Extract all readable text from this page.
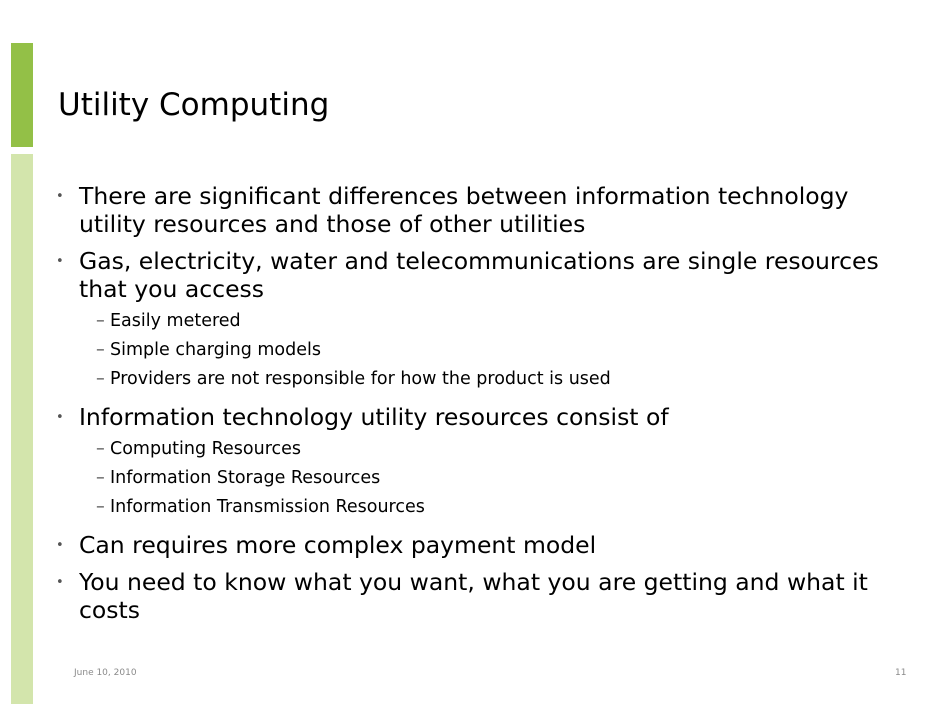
Utility Computing
• There are significant differences between information technology
utility resources and those of other utilities
• Gas, electricity, water and telecommunications are single resources
that you access
– Easily metered
– Simple charging models
– Providers are not responsible for how the product is used
• Information technology utility resources consist of
– Computing Resources
– Information Storage Resources
– Information Transmission Resources
• Can requires more complex payment model
• You need to know what you want, what you are getting and what it
costs
June 10, 2010	11
